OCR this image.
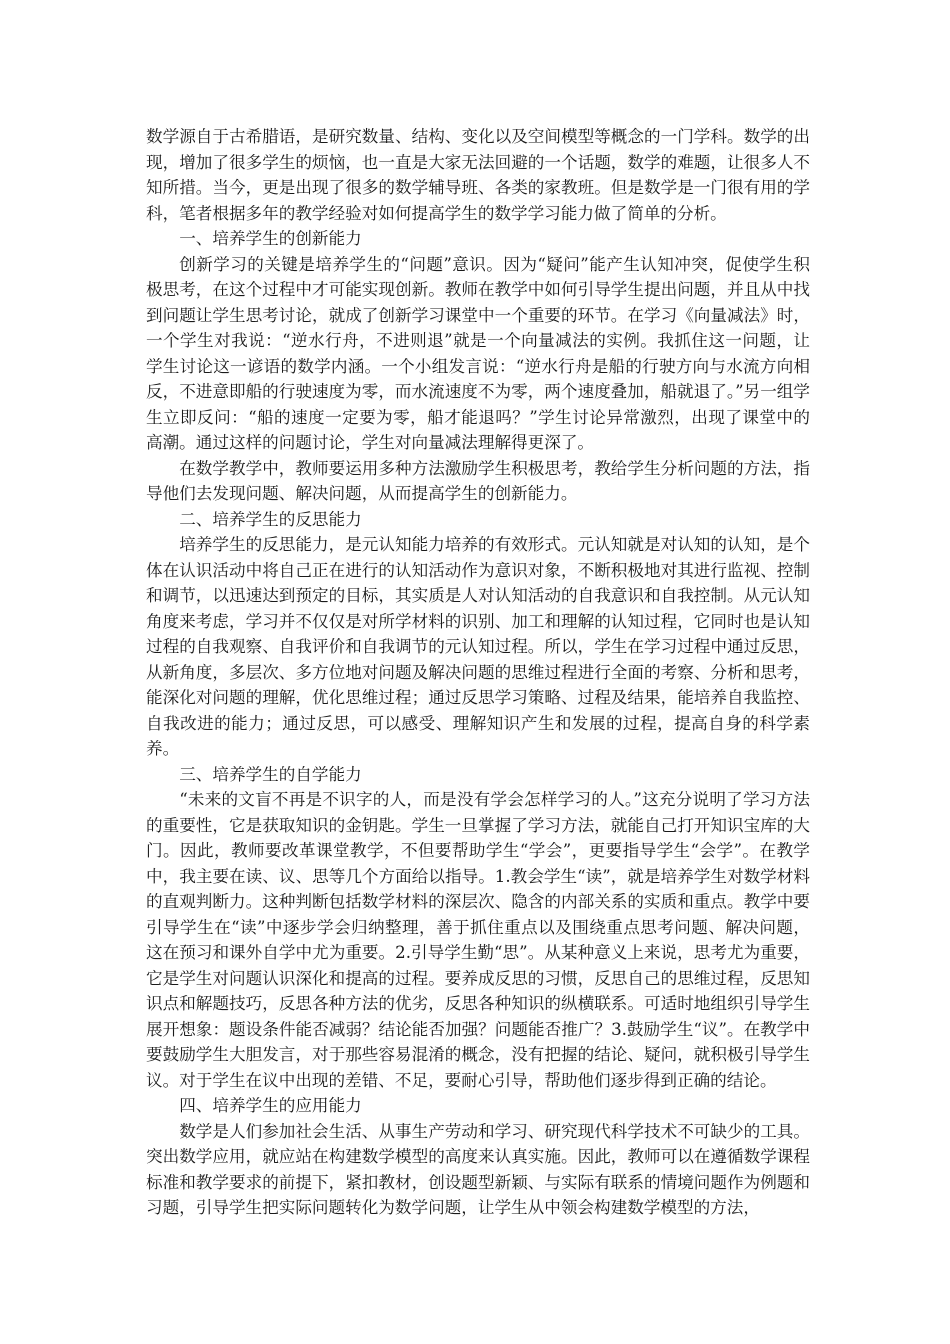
数学源自于古希腊语，是研究数量、结构、变化以及空间模型等概念的一门学科。数学的出现，增加了很多学生的烦恼，也一直是大家无法回避的一个话题，数学的难题，让很多人不知所措。当今，更是出现了很多的数学辅导班、各类的家教班。但是数学是一门很有用的学科，笔者根据多年的教学经验对如何提高学生的数学学习能力做了简单的分析。

一、培养学生的创新能力

创新学习的关键是培养学生的“问题”意识。因为“疑问”能产生认知冲突，促使学生积极思考，在这个过程中才可能实现创新。教师在教学中如何引导学生提出问题，并且从中找到问题让学生思考讨论，就成了创新学习课堂中一个重要的环节。在学习《向量减法》时，一个学生对我说：“逆水行舟，不进则退”就是一个向量减法的实例。我抓住这一问题，让学生讨论这一谚语的数学内涵。一个小组发言说：“逆水行舟是船的行驶方向与水流方向相反，不进意即船的行驶速度为零，而水流速度不为零，两个速度叠加，船就退了。”另一组学生立即反问：“船的速度一定要为零，船才能退吗？”学生讨论异常激烈，出现了课堂中的高潮。通过这样的问题讨论，学生对向量减法理解得更深了。

在数学教学中，教师要运用多种方法激励学生积极思考，教给学生分析问题的方法，指导他们去发现问题、解决问题，从而提高学生的创新能力。

二、培养学生的反思能力

培养学生的反思能力，是元认知能力培养的有效形式。元认知就是对认知的认知，是个体在认识活动中将自己正在进行的认知活动作为意识对象，不断积极地对其进行监视、控制和调节，以迅速达到预定的目标，其实质是人对认知活动的自我意识和自我控制。从元认知角度来考虑，学习并不仅仅是对所学材料的识别、加工和理解的认知过程，它同时也是认知过程的自我观察、自我评价和自我调节的元认知过程。所以，学生在学习过程中通过反思，从新角度，多层次、多方位地对问题及解决问题的思维过程进行全面的考察、分析和思考，能深化对问题的理解，优化思维过程；通过反思学习策略、过程及结果，能培养自我监控、自我改进的能力；通过反思，可以感受、理解知识产生和发展的过程，提高自身的科学素养。

三、培养学生的自学能力

“未来的文盲不再是不识字的人，而是没有学会怎样学习的人。”这充分说明了学习方法的重要性，它是获取知识的金钥匙。学生一旦掌握了学习方法，就能自己打开知识宝库的大门。因此，教师要改革课堂教学，不但要帮助学生“学会”，更要指导学生“会学”。在教学中，我主要在读、议、思等几个方面给以指导。1.教会学生“读”，就是培养学生对数学材料的直观判断力。这种判断包括数学材料的深层次、隐含的内部关系的实质和重点。教学中要引导学生在“读”中逐步学会归纳整理，善于抓住重点以及围绕重点思考问题、解决问题，这在预习和课外自学中尤为重要。2.引导学生勤“思”。从某种意义上来说，思考尤为重要，它是学生对问题认识深化和提高的过程。要养成反思的习惯，反思自己的思维过程，反思知识点和解题技巧，反思各种方法的优劣，反思各种知识的纵横联系。可适时地组织引导学生展开想象：题设条件能否减弱？结论能否加强？问题能否推广？3.鼓励学生“议”。在教学中要鼓励学生大胆发言，对于那些容易混淆的概念，没有把握的结论、疑问，就积极引导学生议。对于学生在议中出现的差错、不足，要耐心引导，帮助他们逐步得到正确的结论。

四、培养学生的应用能力

数学是人们参加社会生活、从事生产劳动和学习、研究现代科学技术不可缺少的工具。突出数学应用，就应站在构建数学模型的高度来认真实施。因此，教师可以在遵循数学课程标准和教学要求的前提下，紧扣教材，创设题型新颖、与实际有联系的情境问题作为例题和习题，引导学生把实际问题转化为数学问题，让学生从中领会构建数学模型的方法，
